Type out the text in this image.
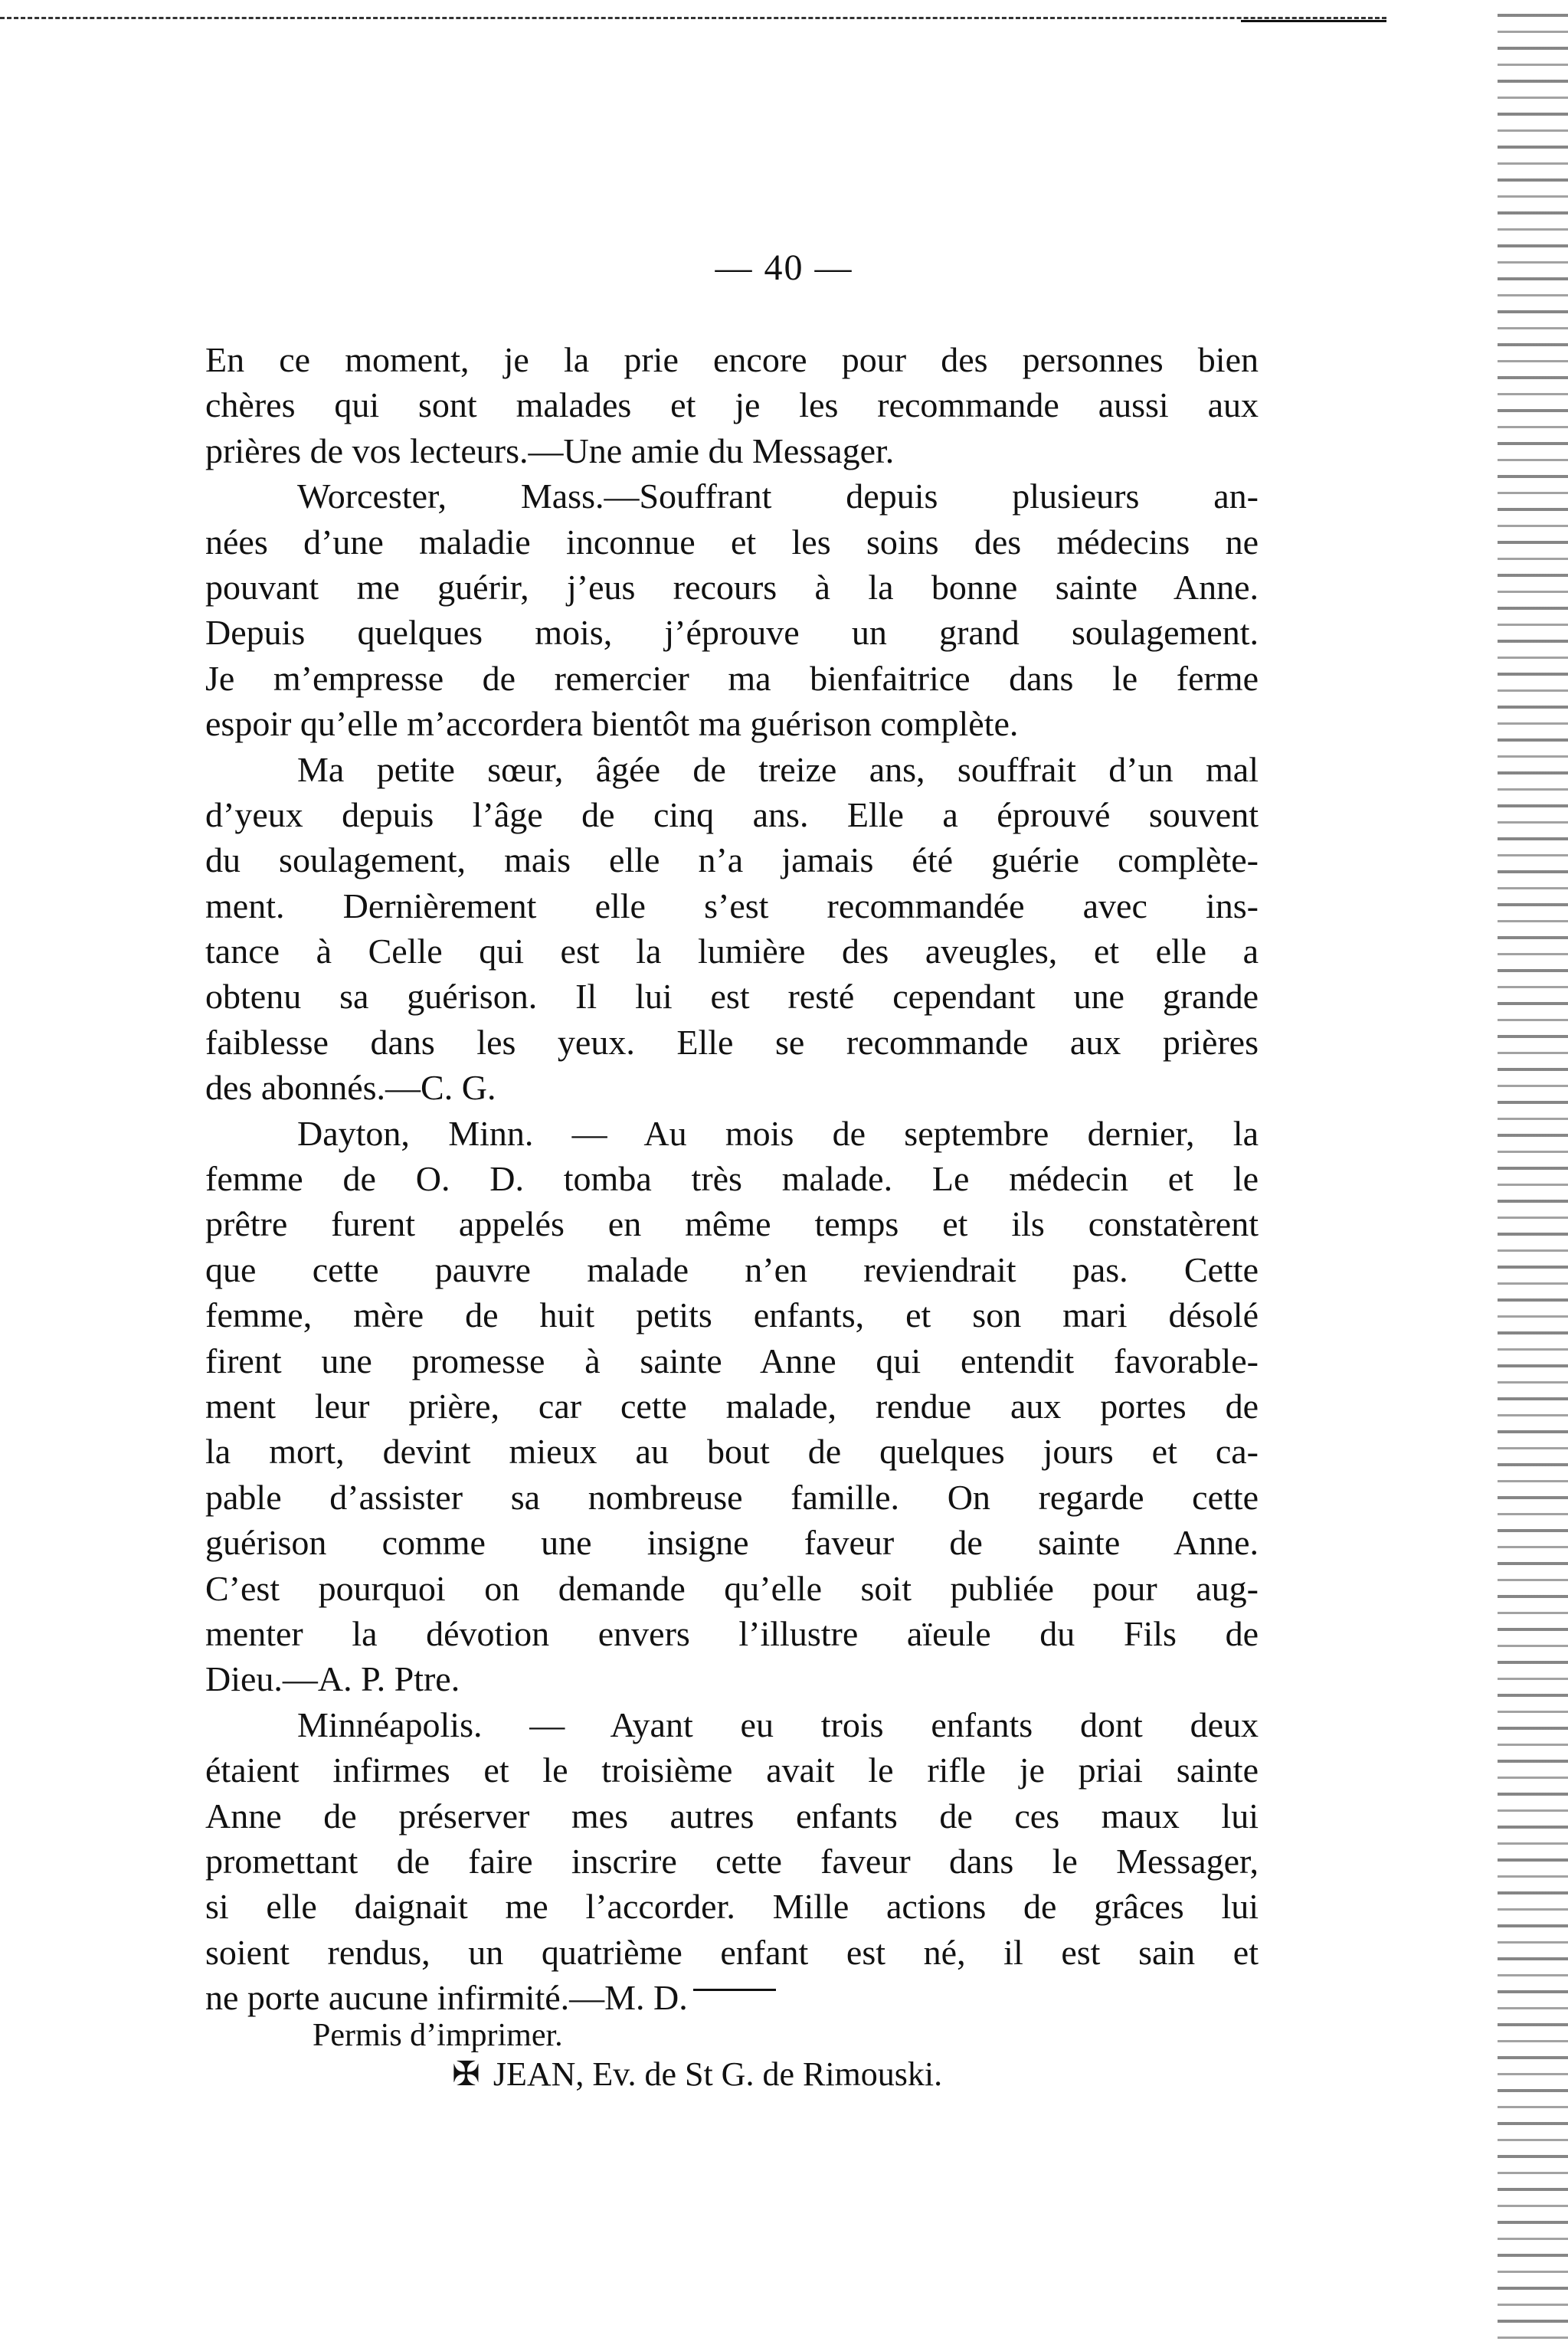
— 40 —
En ce moment, je la prie encore pour des personnes bien
chères qui sont malades et je les recommande aussi aux
prières de vos lecteurs.—Une amie du Messager.
Worcester, Mass.—Souffrant depuis plusieurs an-
nées d’une maladie inconnue et les soins des médecins ne
pouvant me guérir, j’eus recours à la bonne sainte Anne.
Depuis quelques mois, j’éprouve un grand soulagement.
Je m’empresse de remercier ma bienfaitrice dans le ferme
espoir qu’elle m’accordera bientôt ma guérison complète.
Ma petite sœur, âgée de treize ans, souffrait d’un mal
d’yeux depuis l’âge de cinq ans. Elle a éprouvé souvent
du soulagement, mais elle n’a jamais été guérie complète-
ment. Dernièrement elle s’est recommandée avec ins-
tance à Celle qui est la lumière des aveugles, et elle a
obtenu sa guérison. Il lui est resté cependant une grande
faiblesse dans les yeux. Elle se recommande aux prières
des abonnés.—C. G.
Dayton, Minn. — Au mois de septembre dernier, la
femme de O. D. tomba très malade. Le médecin et le
prêtre furent appelés en même temps et ils constatèrent
que cette pauvre malade n’en reviendrait pas. Cette
femme, mère de huit petits enfants, et son mari désolé
firent une promesse à sainte Anne qui entendit favorable-
ment leur prière, car cette malade, rendue aux portes de
la mort, devint mieux au bout de quelques jours et ca-
pable d’assister sa nombreuse famille. On regarde cette
guérison comme une insigne faveur de sainte Anne.
C’est pourquoi on demande qu’elle soit publiée pour aug-
menter la dévotion envers l’illustre aïeule du Fils de
Dieu.—A. P. Ptre.
Minnéapolis. — Ayant eu trois enfants dont deux
étaient infirmes et le troisième avait le rifle je priai sainte
Anne de préserver mes autres enfants de ces maux lui
promettant de faire inscrire cette faveur dans le Messager,
si elle daignait me l’accorder. Mille actions de grâces lui
soient rendus, un quatrième enfant est né, il est sain et
ne porte aucune infirmité.—M. D.
Permis d’imprimer.
✠ JEAN, Ev. de St G. de Rimouski.
